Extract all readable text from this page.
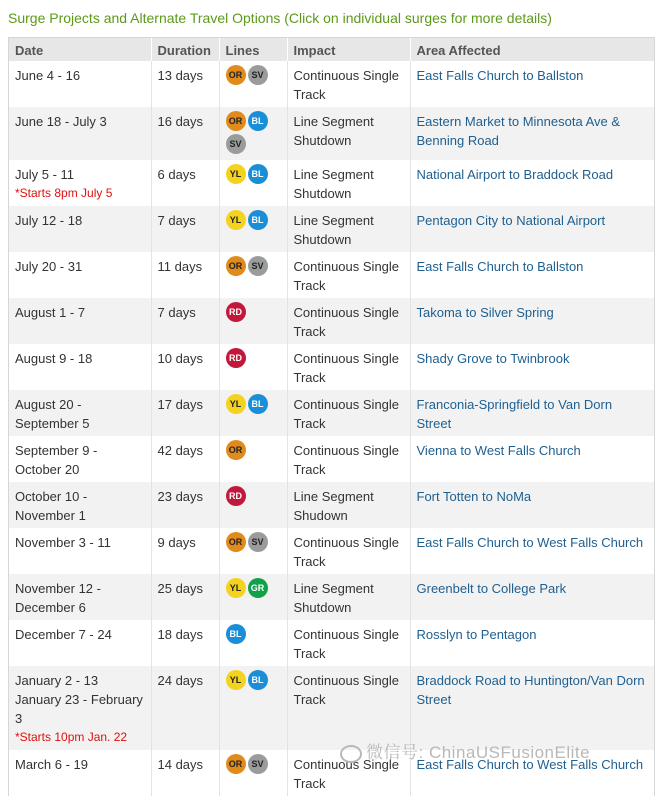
Surge Projects and Alternate Travel Options (Click on individual surges for more details)
Date	Duration	Lines	Impact	Area Affected
June 4 - 16	13 days	OR SV	Continuous Single Track	East Falls Church to Ballston
June 18 - July 3	16 days	OR BLSV	Line Segment Shutdown	Eastern Market to Minnesota Ave & Benning Road
July 5 - 11
*Starts 8pm July 5	6 days	YL BL	Line Segment Shutdown	National Airport to Braddock Road
July 12 - 18	7 days	YL BL	Line Segment Shutdown	Pentagon City to National Airport
July 20 - 31	11 days	OR SV	Continuous Single Track	East Falls Church to Ballston
August 1 - 7	7 days	RD	Continuous Single Track	Takoma to Silver Spring
August 9 - 18	10 days	RD	Continuous Single Track	Shady Grove to Twinbrook
August 20 - September 5	17 days	YL BL	Continuous Single Track	Franconia-Springfield to Van Dorn Street
September 9 - October 20	42 days	OR	Continuous Single Track	Vienna to West Falls Church
October 10 - November 1	23 days	RD	Line Segment Shudown	Fort Totten to NoMa
November 3 - 11	9 days	OR SV	Continuous Single Track	East Falls Church to West Falls Church
November 12 - December 6	25 days	YL GR	Line Segment Shutdown	Greenbelt to College Park
December 7 - 24	18 days	BL	Continuous Single Track	Rosslyn to Pentagon
January 2 - 13 January 23 - February 3
*Starts 10pm Jan. 22	24 days	YL BL	Continuous Single Track	Braddock Road to Huntington/Van Dorn Street
March 6 - 19	14 days	OR SV	Continuous Single Track	East Falls Church to West Falls Church
微信号: ChinaUSFusionElite
